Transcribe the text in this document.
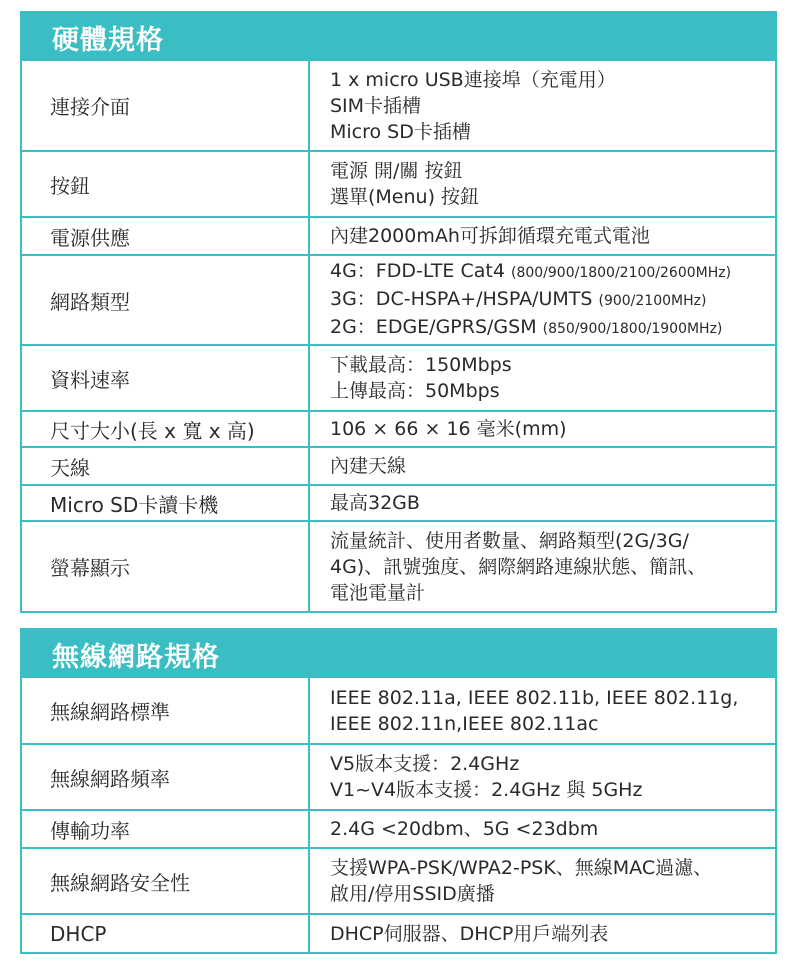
硬體規格
連接介面	1 x micro USB連接埠（充電用）
SIM卡插槽
Micro SD卡插槽

按鈕	電源 開/關 按鈕
選單(Menu) 按鈕

電源供應	內建2000mAh可拆卸循環充電式電池

網路類型	4G：FDD-LTE Cat4 (800/900/1800/2100/2600MHz)
3G：DC-HSPA+/HSPA/UMTS (900/2100MHz)
2G：EDGE/GPRS/GSM (850/900/1800/1900MHz)

資料速率	下載最高：150Mbps
上傳最高：50Mbps

尺寸大小(長 x 寬 x 高)	106 × 66 × 16 毫米(mm)

天線	內建天線

Micro SD卡讀卡機	最高32GB

螢幕顯示	流量統計、使用者數量、網路類型(2G/3G/
4G)、訊號強度、網際網路連線狀態、簡訊、
電池電量計
無線網路規格
無線網路標準	IEEE 802.11a, IEEE 802.11b, IEEE 802.11g,
IEEE 802.11n,IEEE 802.11ac

無線網路頻率	V5版本支援：2.4GHz
V1~V4版本支援：2.4GHz 與 5GHz

傳輸功率	2.4G <20dbm、5G <23dbm

無線網路安全性	支援WPA-PSK/WPA2-PSK、無線MAC過濾、
啟用/停用SSID廣播

DHCP	DHCP伺服器、DHCP用戶端列表
